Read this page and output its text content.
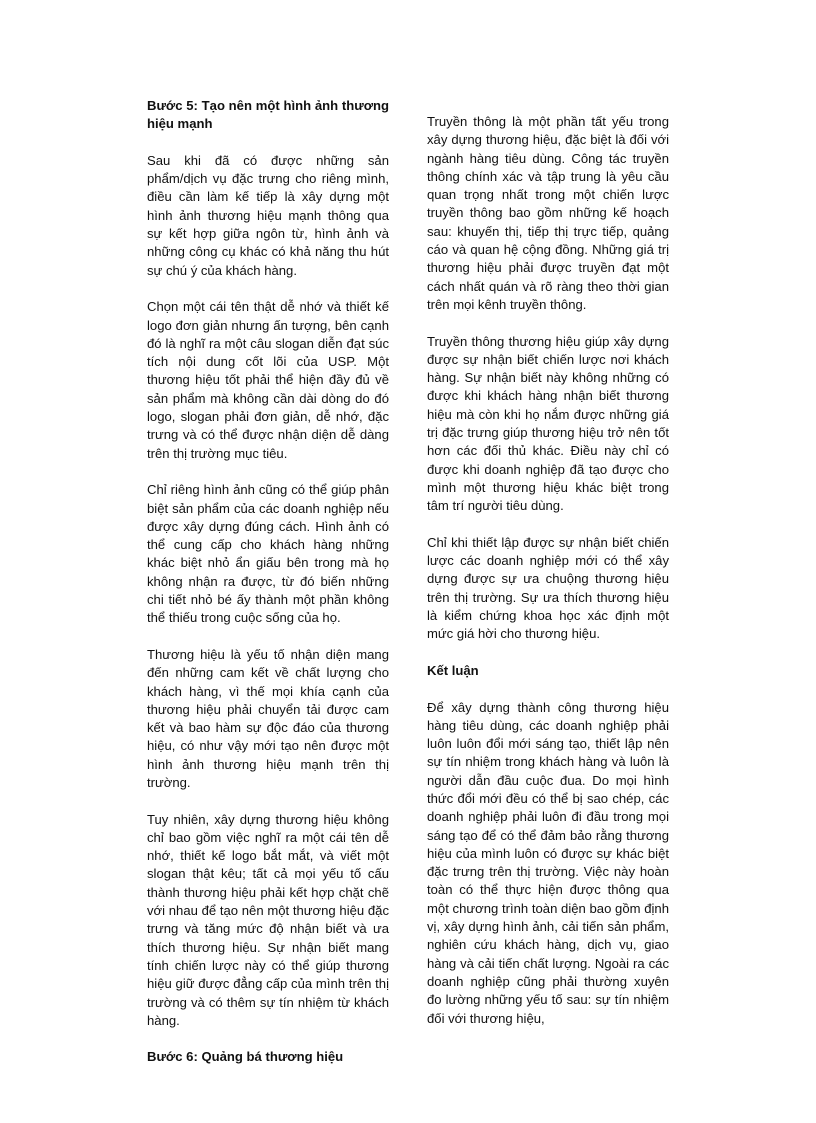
Bước 5: Tạo nên một hình ảnh thương hiệu mạnh

Sau khi đã có được những sản phẩm/dịch vụ đặc trưng cho riêng mình, điều cần làm kế tiếp là xây dựng một hình ảnh thương hiệu mạnh thông qua sự kết hợp giữa ngôn từ, hình ảnh và những công cụ khác có khả năng thu hút sự chú ý của khách hàng.

Chọn một cái tên thật dễ nhớ và thiết kế logo đơn giản nhưng ấn tượng, bên cạnh đó là nghĩ ra một câu slogan diễn đạt súc tích nội dung cốt lõi của USP. Một thương hiệu tốt phải thể hiện đầy đủ về sản phẩm mà không cần dài dòng do đó logo, slogan phải đơn giản, dễ nhớ, đặc trưng và có thể được nhận diện dễ dàng trên thị trường mục tiêu.

Chỉ riêng hình ảnh cũng có thể giúp phân biệt sản phẩm của các doanh nghiệp nếu được xây dựng đúng cách. Hình ảnh có thể cung cấp cho khách hàng những khác biệt nhỏ ẩn giấu bên trong mà họ không nhận ra được, từ đó biến những chi tiết nhỏ bé ấy thành một phần không thể thiếu trong cuộc sống của họ.

Thương hiệu là yếu tố nhận diện mang đến những cam kết về chất lượng cho khách hàng, vì thế mọi khía cạnh của thương hiệu phải chuyển tải được cam kết và bao hàm sự độc đáo của thương hiệu, có như vậy mới tạo nên được một hình ảnh thương hiệu mạnh trên thị trường.

Tuy nhiên, xây dựng thương hiệu không chỉ bao gồm việc nghĩ ra một cái tên dễ nhớ, thiết kế logo bắt mắt, và viết một slogan thật kêu; tất cả mọi yếu tố cấu thành thương hiệu phải kết hợp chặt chẽ với nhau để tạo nên một thương hiệu đặc trưng và tăng mức độ nhận biết và ưa thích thương hiệu. Sự nhận biết mang tính chiến lược này có thể giúp thương hiệu giữ được đẳng cấp của mình trên thị trường và có thêm sự tín nhiệm từ khách hàng.

Bước 6: Quảng bá thương hiệu

Truyền thông là một phần tất yếu trong xây dựng thương hiệu, đặc biệt là đối với ngành hàng tiêu dùng. Công tác truyền thông chính xác và tập trung là yêu cầu quan trọng nhất trong một chiến lược truyền thông bao gồm những kế hoạch sau: khuyến thị, tiếp thị trực tiếp, quảng cáo và quan hệ cộng đồng. Những giá trị thương hiệu phải được truyền đạt một cách nhất quán và rõ ràng theo thời gian trên mọi kênh truyền thông.

Truyền thông thương hiệu giúp xây dựng được sự nhận biết chiến lược nơi khách hàng. Sự nhận biết này không những có được khi khách hàng nhận biết thương hiệu mà còn khi họ nắm được những giá trị đặc trưng giúp thương hiệu trở nên tốt hơn các đối thủ khác. Điều này chỉ có được khi doanh nghiệp đã tạo được cho mình một thương hiệu khác biệt trong tâm trí người tiêu dùng.

Chỉ khi thiết lập được sự nhận biết chiến lược các doanh nghiệp mới có thể xây dựng được sự ưa chuộng thương hiệu trên thị trường. Sự ưa thích thương hiệu là kiểm chứng khoa học xác định một mức giá hời cho thương hiệu.

Kết luận

Để xây dựng thành công thương hiệu hàng tiêu dùng, các doanh nghiệp phải luôn luôn đổi mới sáng tạo, thiết lập nên sự tín nhiệm trong khách hàng và luôn là người dẫn đầu cuộc đua. Do mọi hình thức đổi mới đều có thể bị sao chép, các doanh nghiệp phải luôn đi đầu trong mọi sáng tạo để có thể đảm bảo rằng thương hiệu của mình luôn có được sự khác biệt đặc trưng trên thị trường. Việc này hoàn toàn có thể thực hiện được thông qua một chương trình toàn diện bao gồm định vị, xây dựng hình ảnh, cải tiến sản phẩm, nghiên cứu khách hàng, dịch vụ, giao hàng và cải tiến chất lượng. Ngoài ra các doanh nghiệp cũng phải thường xuyên đo lường những yếu tố sau: sự tín nhiệm đối với thương hiệu,
